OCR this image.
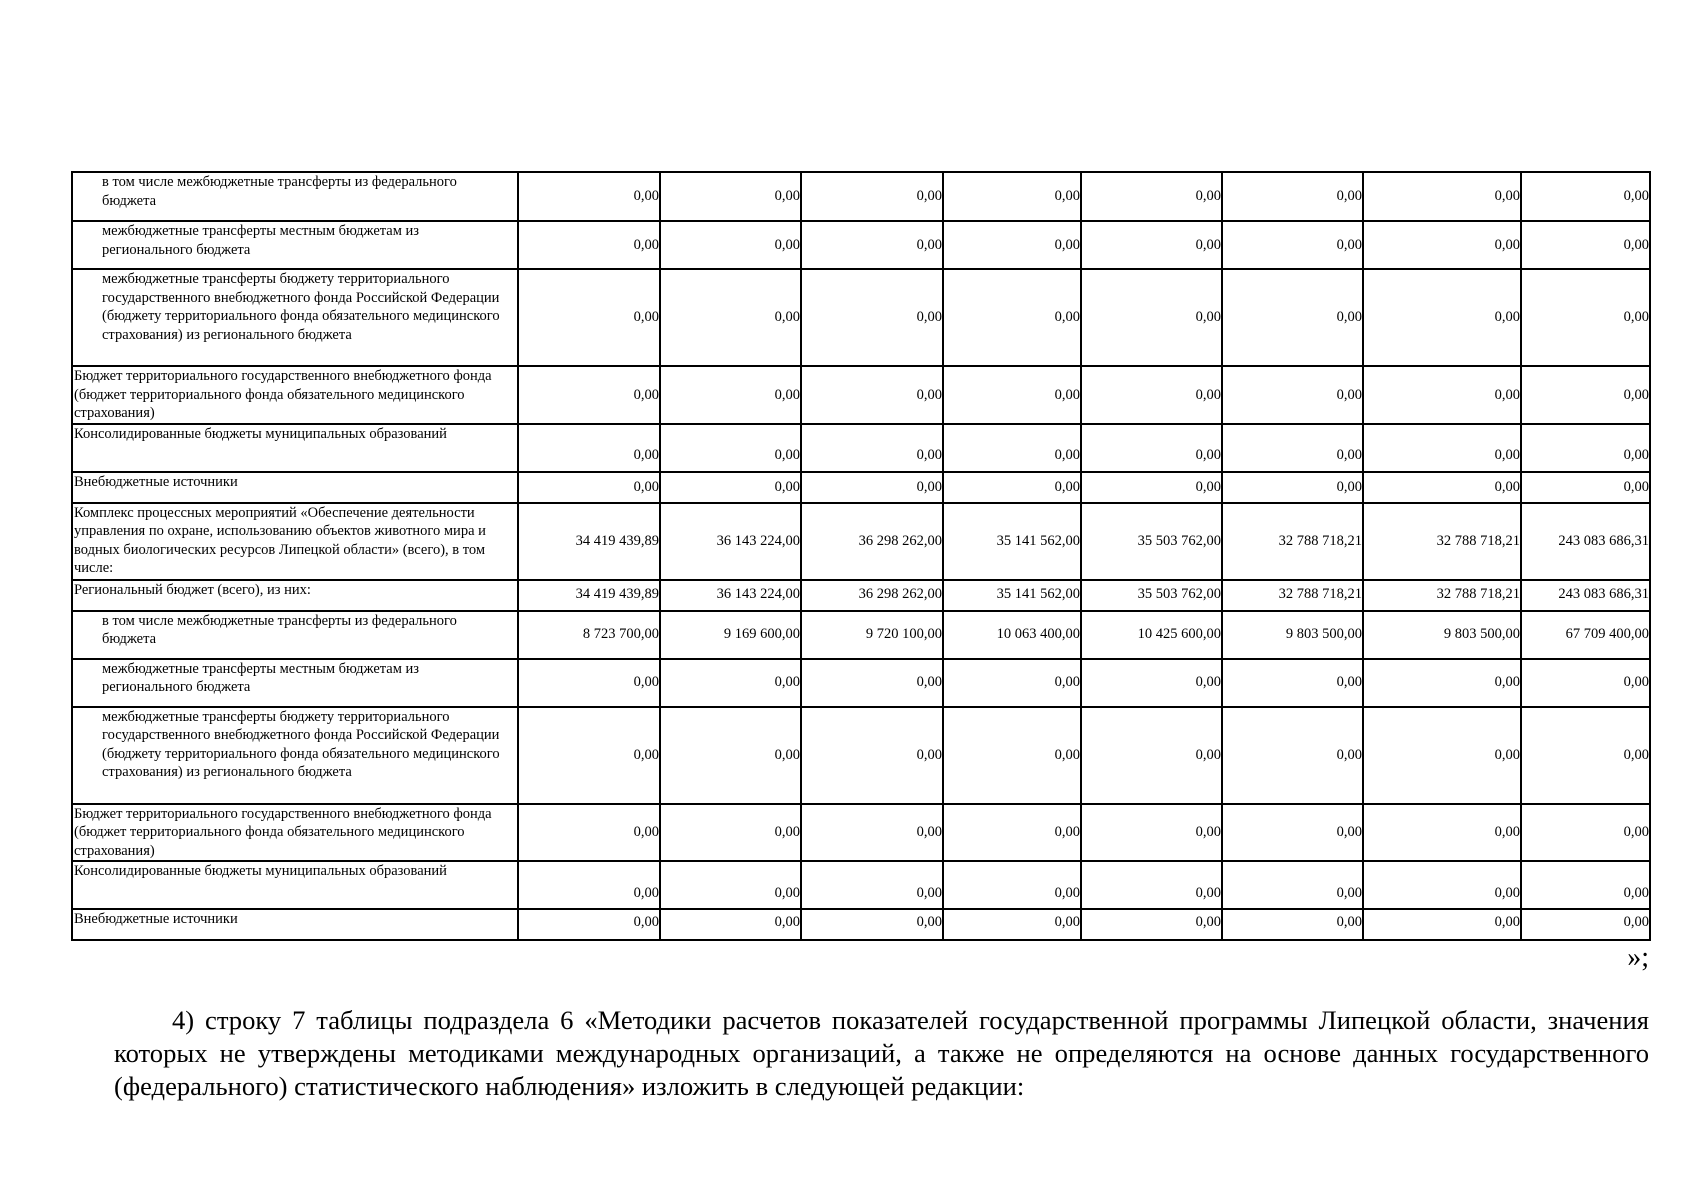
в том числе межбюджетные трансферты из федерального бюджета	0,00	0,00	0,00	0,00	0,00	0,00	0,00	0,00
межбюджетные трансферты местным бюджетам из регионального бюджета	0,00	0,00	0,00	0,00	0,00	0,00	0,00	0,00
межбюджетные трансферты бюджету территориального государственного внебюджетного фонда Российской Федерации (бюджету территориального фонда обязательного медицинского страхования) из регионального бюджета	0,00	0,00	0,00	0,00	0,00	0,00	0,00	0,00
Бюджет территориального государственного внебюджетного фонда (бюджет территориального фонда обязательного медицинского страхования)	0,00	0,00	0,00	0,00	0,00	0,00	0,00	0,00
Консолидированные бюджеты муниципальных образований	0,00	0,00	0,00	0,00	0,00	0,00	0,00	0,00
Внебюджетные источники	0,00	0,00	0,00	0,00	0,00	0,00	0,00	0,00
Комплекс процессных мероприятий «Обеспечение деятельности управления по охране, использованию объектов животного мира и водных биологических ресурсов Липецкой области» (всего), в том числе:	34 419 439,89	36 143 224,00	36 298 262,00	35 141 562,00	35 503 762,00	32 788 718,21	32 788 718,21	243 083 686,31
Региональный бюджет (всего), из них:	34 419 439,89	36 143 224,00	36 298 262,00	35 141 562,00	35 503 762,00	32 788 718,21	32 788 718,21	243 083 686,31
в том числе межбюджетные трансферты из федерального бюджета	8 723 700,00	9 169 600,00	9 720 100,00	10 063 400,00	10 425 600,00	9 803 500,00	9 803 500,00	67 709 400,00
межбюджетные трансферты местным бюджетам из регионального бюджета	0,00	0,00	0,00	0,00	0,00	0,00	0,00	0,00
межбюджетные трансферты бюджету территориального государственного внебюджетного фонда Российской Федерации (бюджету территориального фонда обязательного медицинского страхования) из регионального бюджета	0,00	0,00	0,00	0,00	0,00	0,00	0,00	0,00
Бюджет территориального государственного внебюджетного фонда (бюджет территориального фонда обязательного медицинского страхования)	0,00	0,00	0,00	0,00	0,00	0,00	0,00	0,00
Консолидированные бюджеты муниципальных образований	0,00	0,00	0,00	0,00	0,00	0,00	0,00	0,00
Внебюджетные источники	0,00	0,00	0,00	0,00	0,00	0,00	0,00	0,00
»;

4) строку 7 таблицы подраздела 6 «Методики расчетов показателей государственной программы Липецкой области, значения которых не утверждены методиками международных организаций, а также не определяются на основе данных государственного (федерального) статистического наблюдения» изложить в следующей редакции:
